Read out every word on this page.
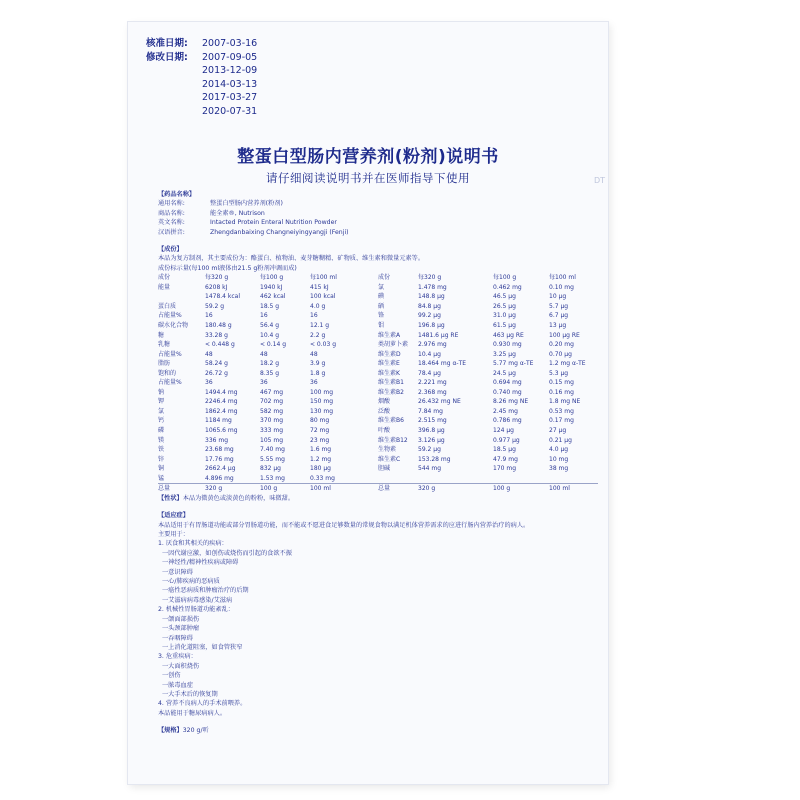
核准日期:	2007-03-16
修改日期:	2007-09-05
2013-12-09
2014-03-13
2017-03-27
2020-07-31
整蛋白型肠内营养剂(粉剂)说明书
请仔细阅读说明书并在医师指导下使用	DT
【药品名称】
通用名称:	整蛋白型肠内营养剂(粉剂)
商品名称:	能全素®, Nutrison
英文名称:	Intacted Protein Enteral Nutrition Powder
汉语拼音:	Zhengdanbaixing Changneiyingyangji (Fenji)
【成份】
本品为复方制剂，其主要成份为：酪蛋白、植物油、麦芽糖糊精、矿物质、维生素和微量元素等。
成份标示量(每100 ml液体由21.5 g粉剂冲调而成)
成份	每320 g	每100 g	每100 ml	成份	每320 g	每100 g	每100 ml
能量	6208 kJ	1940 kJ	415 kJ	氯	1.478 mg	0.462 mg	0.10 mg
	1478.4 kcal	462 kcal	100 kcal	碘	148.8 μg	46.5 μg	10 μg
蛋白质	59.2 g	18.5 g	4.0 g	硒	84.8 μg	26.5 μg	5.7 μg
占能量%	16	16	16	铬	99.2 μg	31.0 μg	6.7 μg
碳水化合物	180.48 g	56.4 g	12.1 g	钼	196.8 μg	61.5 μg	13 μg
糖	33.28 g	10.4 g	2.2 g	维生素A	1481.6 μg RE	463 μg RE	100 μg RE
乳糖	< 0.448 g	< 0.14 g	< 0.03 g	类胡萝卜素	2.976 mg	0.930 mg	0.20 mg
占能量%	48	48	48	维生素D	10.4 μg	3.25 μg	0.70 μg
脂肪	58.24 g	18.2 g	3.9 g	维生素E	18.464 mg α-TE	5.77 mg α-TE	1.2 mg α-TE
饱和的	26.72 g	8.35 g	1.8 g	维生素K	78.4 μg	24.5 μg	5.3 μg
占能量%	36	36	36	维生素B1	2.221 mg	0.694 mg	0.15 mg
钠	1494.4 mg	467 mg	100 mg	维生素B2	2.368 mg	0.740 mg	0.16 mg
钾	2246.4 mg	702 mg	150 mg	烟酸	26.432 mg NE	8.26 mg NE	1.8 mg NE
氯	1862.4 mg	582 mg	130 mg	泛酸	7.84 mg	2.45 mg	0.53 mg
钙	1184 mg	370 mg	80 mg	维生素B6	2.515 mg	0.786 mg	0.17 mg
磷	1065.6 mg	333 mg	72 mg	叶酸	396.8 μg	124 μg	27 μg
镁	336 mg	105 mg	23 mg	维生素B12	3.126 μg	0.977 μg	0.21 μg
铁	23.68 mg	7.40 mg	1.6 mg	生物素	59.2 μg	18.5 μg	4.0 μg
锌	17.76 mg	5.55 mg	1.2 mg	维生素C	153.28 mg	47.9 mg	10 mg
铜	2662.4 μg	832 μg	180 μg	胆碱	544 mg	170 mg	38 mg
锰	4.896 mg	1.53 mg	0.33 mg				
总量	320 g	100 g	100 ml	总量	320 g	100 g	100 ml
【性状】本品为微黄色或淡黄色的粉粉，味微甜。
【适应症】
本品适用于有胃肠道功能或部分胃肠道功能，而不能或不愿进食足够数量的常规食物以满足机体营养需求的应进行肠内营养治疗的病人。
主要用于：
1. 厌食和其相关的疾病：
一因代谢应激，如创伤或烧伤而引起的食欲不振
一神经性/精神性疾病或障碍
一意识障碍
一心/肺疾病的恶病质
一癌性恶病质和肿瘤治疗的后期
一艾滋病病毒感染/艾滋病
2. 机械性胃肠道功能紊乱：
一颌面部损伤
一头颈部肿瘤
一吞咽障碍
一上消化道阻塞，如食管狭窄
3. 危重疾病：
一大面积烧伤
一创伤
一脓毒血症
一大手术后的恢复期
4. 营养不良病人的手术前喂养。
本品能用于糖尿病病人。
【规格】320 g/听
